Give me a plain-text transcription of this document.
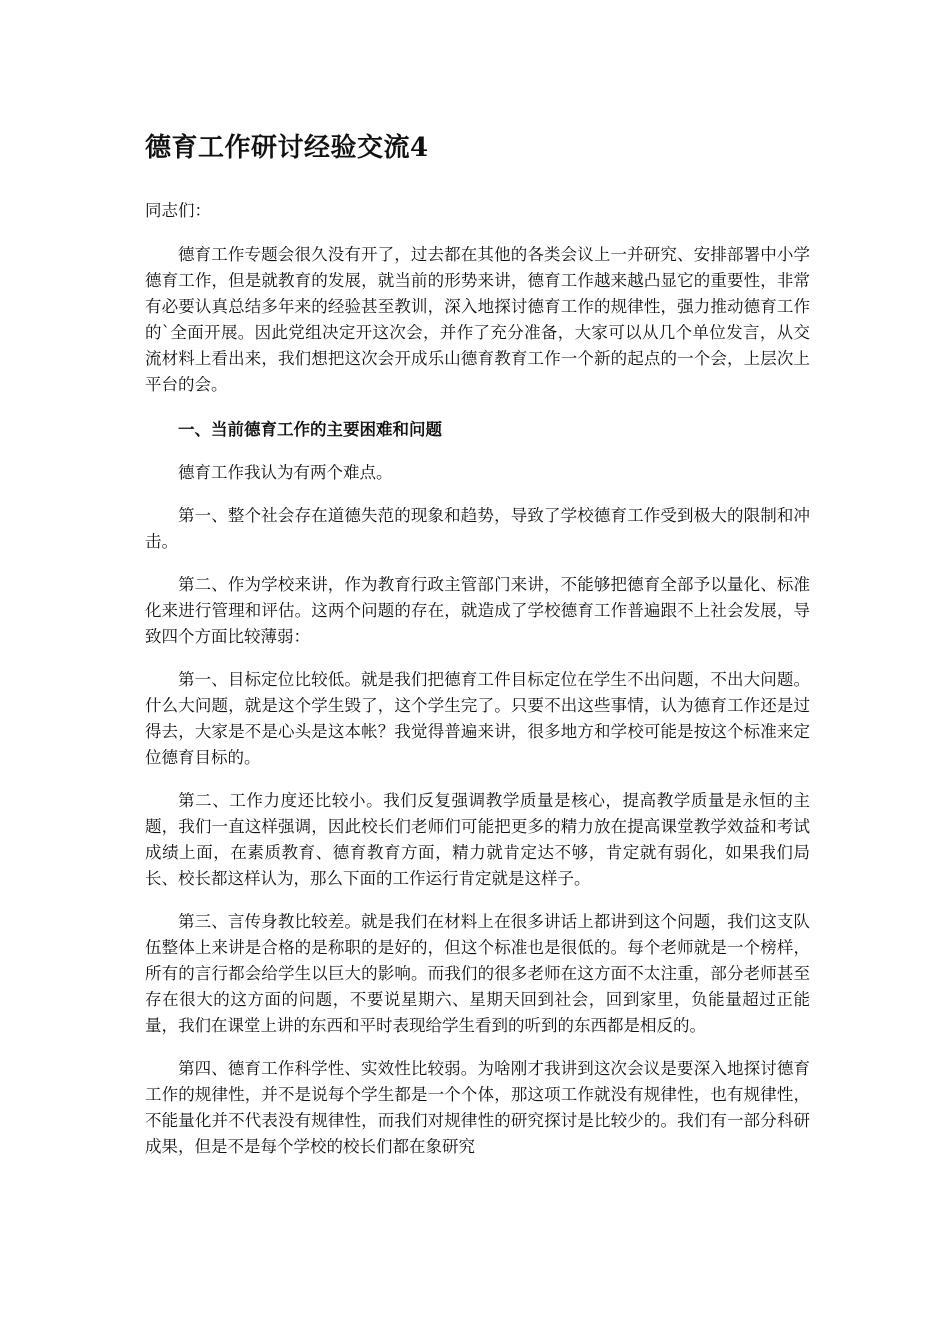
德育工作研讨经验交流4

同志们：

德育工作专题会很久没有开了，过去都在其他的各类会议上一并研究、安排部署中小学德育工作，但是就教育的发展，就当前的形势来讲，德育工作越来越凸显它的重要性，非常有必要认真总结多年来的经验甚至教训，深入地探讨德育工作的规律性，强力推动德育工作的`全面开展。因此党组决定开这次会，并作了充分准备，大家可以从几个单位发言，从交流材料上看出来，我们想把这次会开成乐山德育教育工作一个新的起点的一个会，上层次上平台的会。

一、当前德育工作的主要困难和问题

德育工作我认为有两个难点。

第一、整个社会存在道德失范的现象和趋势，导致了学校德育工作受到极大的限制和冲击。

第二、作为学校来讲，作为教育行政主管部门来讲，不能够把德育全部予以量化、标准化来进行管理和评估。这两个问题的存在，就造成了学校德育工作普遍跟不上社会发展，导致四个方面比较薄弱：

第一、目标定位比较低。就是我们把德育工件目标定位在学生不出问题，不出大问题。什么大问题，就是这个学生毁了，这个学生完了。只要不出这些事情，认为德育工作还是过得去，大家是不是心头是这本帐？我觉得普遍来讲，很多地方和学校可能是按这个标准来定位德育目标的。

第二、工作力度还比较小。我们反复强调教学质量是核心，提高教学质量是永恒的主题，我们一直这样强调，因此校长们老师们可能把更多的精力放在提高课堂教学效益和考试成绩上面，在素质教育、德育教育方面，精力就肯定达不够，肯定就有弱化，如果我们局长、校长都这样认为，那么下面的工作运行肯定就是这样子。

第三、言传身教比较差。就是我们在材料上在很多讲话上都讲到这个问题，我们这支队伍整体上来讲是合格的是称职的是好的，但这个标准也是很低的。每个老师就是一个榜样，所有的言行都会给学生以巨大的影响。而我们的很多老师在这方面不太注重，部分老师甚至存在很大的这方面的问题，不要说星期六、星期天回到社会，回到家里，负能量超过正能量，我们在课堂上讲的东西和平时表现给学生看到的听到的东西都是相反的。

第四、德育工作科学性、实效性比较弱。为啥刚才我讲到这次会议是要深入地探讨德育工作的规律性，并不是说每个学生都是一个个体，那这项工作就没有规律性，也有规律性，不能量化并不代表没有规律性，而我们对规律性的研究探讨是比较少的。我们有一部分科研成果，但是不是每个学校的校长们都在象研究
